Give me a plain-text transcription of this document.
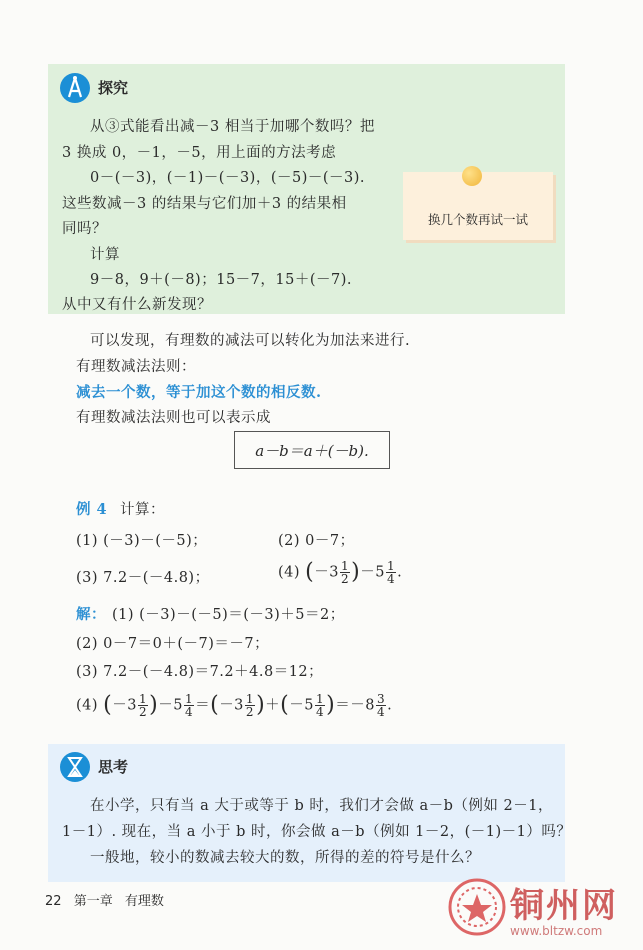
探究
从③式能看出减－3 相当于加哪个数吗？把
3 换成 0，－1，－5，用上面的方法考虑
0－(－3)，(－1)－(－3)，(－5)－(－3).
这些数减－3 的结果与它们加＋3 的结果相
同吗？
计算
9－8，9＋(－8)；15－7，15＋(－7).
从中又有什么新发现？
换几个数再试一试
可以发现，有理数的减法可以转化为加法来进行.
有理数减法法则：
减去一个数，等于加这个数的相反数.
有理数减法法则也可以表示成
a－b＝a＋(－b).
例 4 计算：
(1) (－3)－(－5)；	(2) 0－7；
(3) 7.2－(－4.8)；	(4) $(-3 \frac{1}{2} )-5 \frac{1}{4}$ .
解： (1) (－3)－(－5)＝(－3)＋5＝2；
(2) 0－7＝0＋(－7)＝－7；
(3) 7.2－(－4.8)＝7.2＋4.8＝12；
(4) $(-3 \frac{1}{2} )-5 \frac{1}{4} =(-3 \frac{1}{2} )+(-5 \frac{1}{4} )=-8 \frac{3}{4}$ .
思考
在小学，只有当 a 大于或等于 b 时，我们才会做 a－b（例如 2－1，
1－1）. 现在，当 a 小于 b 时，你会做 a－b（例如 1－2，(－1)－1）吗？
一般地，较小的数减去较大的数，所得的差的符号是什么？
22 第一章 有理数	铜州网
www.bltzw.com
